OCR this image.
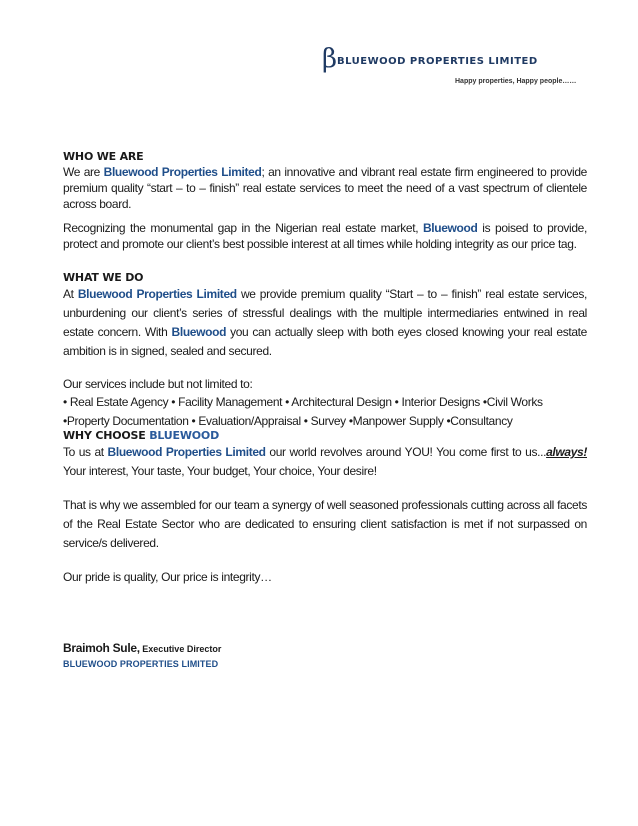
βBLUEWOOD PROPERTIES LIMITED
Happy properties, Happy people……
WHO WE ARE

We are Bluewood Properties Limited; an innovative and vibrant real estate firm engineered to provide premium quality “start – to – finish” real estate services to meet the need of a vast spectrum of clientele across board.

Recognizing the monumental gap in the Nigerian real estate market, Bluewood is poised to provide, protect and promote our client’s best possible interest at all times while holding integrity as our price tag.

WHAT WE DO

At Bluewood Properties Limited we provide premium quality “Start – to – finish” real estate services, unburdening our client’s series of stressful dealings with the multiple intermediaries entwined in real estate concern. With Bluewood you can actually sleep with both eyes closed knowing your real estate ambition is in signed, sealed and secured.

Our services include but not limited to:

• Real Estate Agency • Facility Management • Architectural Design • Interior Designs •Civil Works

•Property Documentation • Evaluation/Appraisal • Survey •Manpower Supply •Consultancy

WHY CHOOSE BLUEWOOD

To us at Bluewood Properties Limited our world revolves around YOU! You come first to us...always! Your interest, Your taste, Your budget, Your choice, Your desire!

That is why we assembled for our team a synergy of well seasoned professionals cutting across all facets of the Real Estate Sector who are dedicated to ensuring client satisfaction is met if not surpassed on service/s delivered.

Our pride is quality, Our price is integrity…

Braimoh Sule, Executive Director
BLUEWOOD PROPERTIES LIMITED
